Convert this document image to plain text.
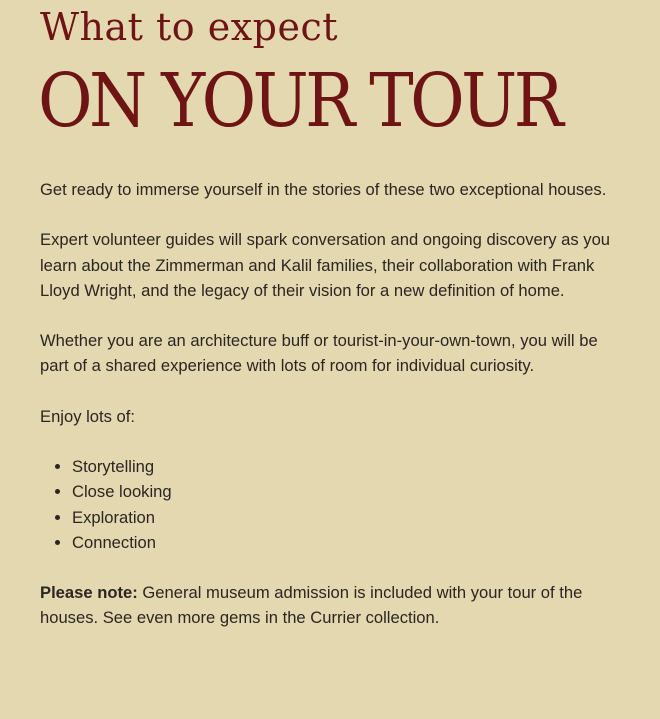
What to expect
ON YOUR TOUR

Get ready to immerse yourself in the stories of these two exceptional houses.

Expert volunteer guides will spark conversation and ongoing discovery as you learn about the Zimmerman and Kalil families, their collaboration with Frank Lloyd Wright, and the legacy of their vision for a new definition of home.

Whether you are an architecture buff or tourist-in-your-own-town, you will be part of a shared experience with lots of room for individual curiosity.

Enjoy lots of:

• Storytelling
• Close looking
• Exploration
• Connection

Please note: General museum admission is included with your tour of the houses. See even more gems in the Currier collection.
